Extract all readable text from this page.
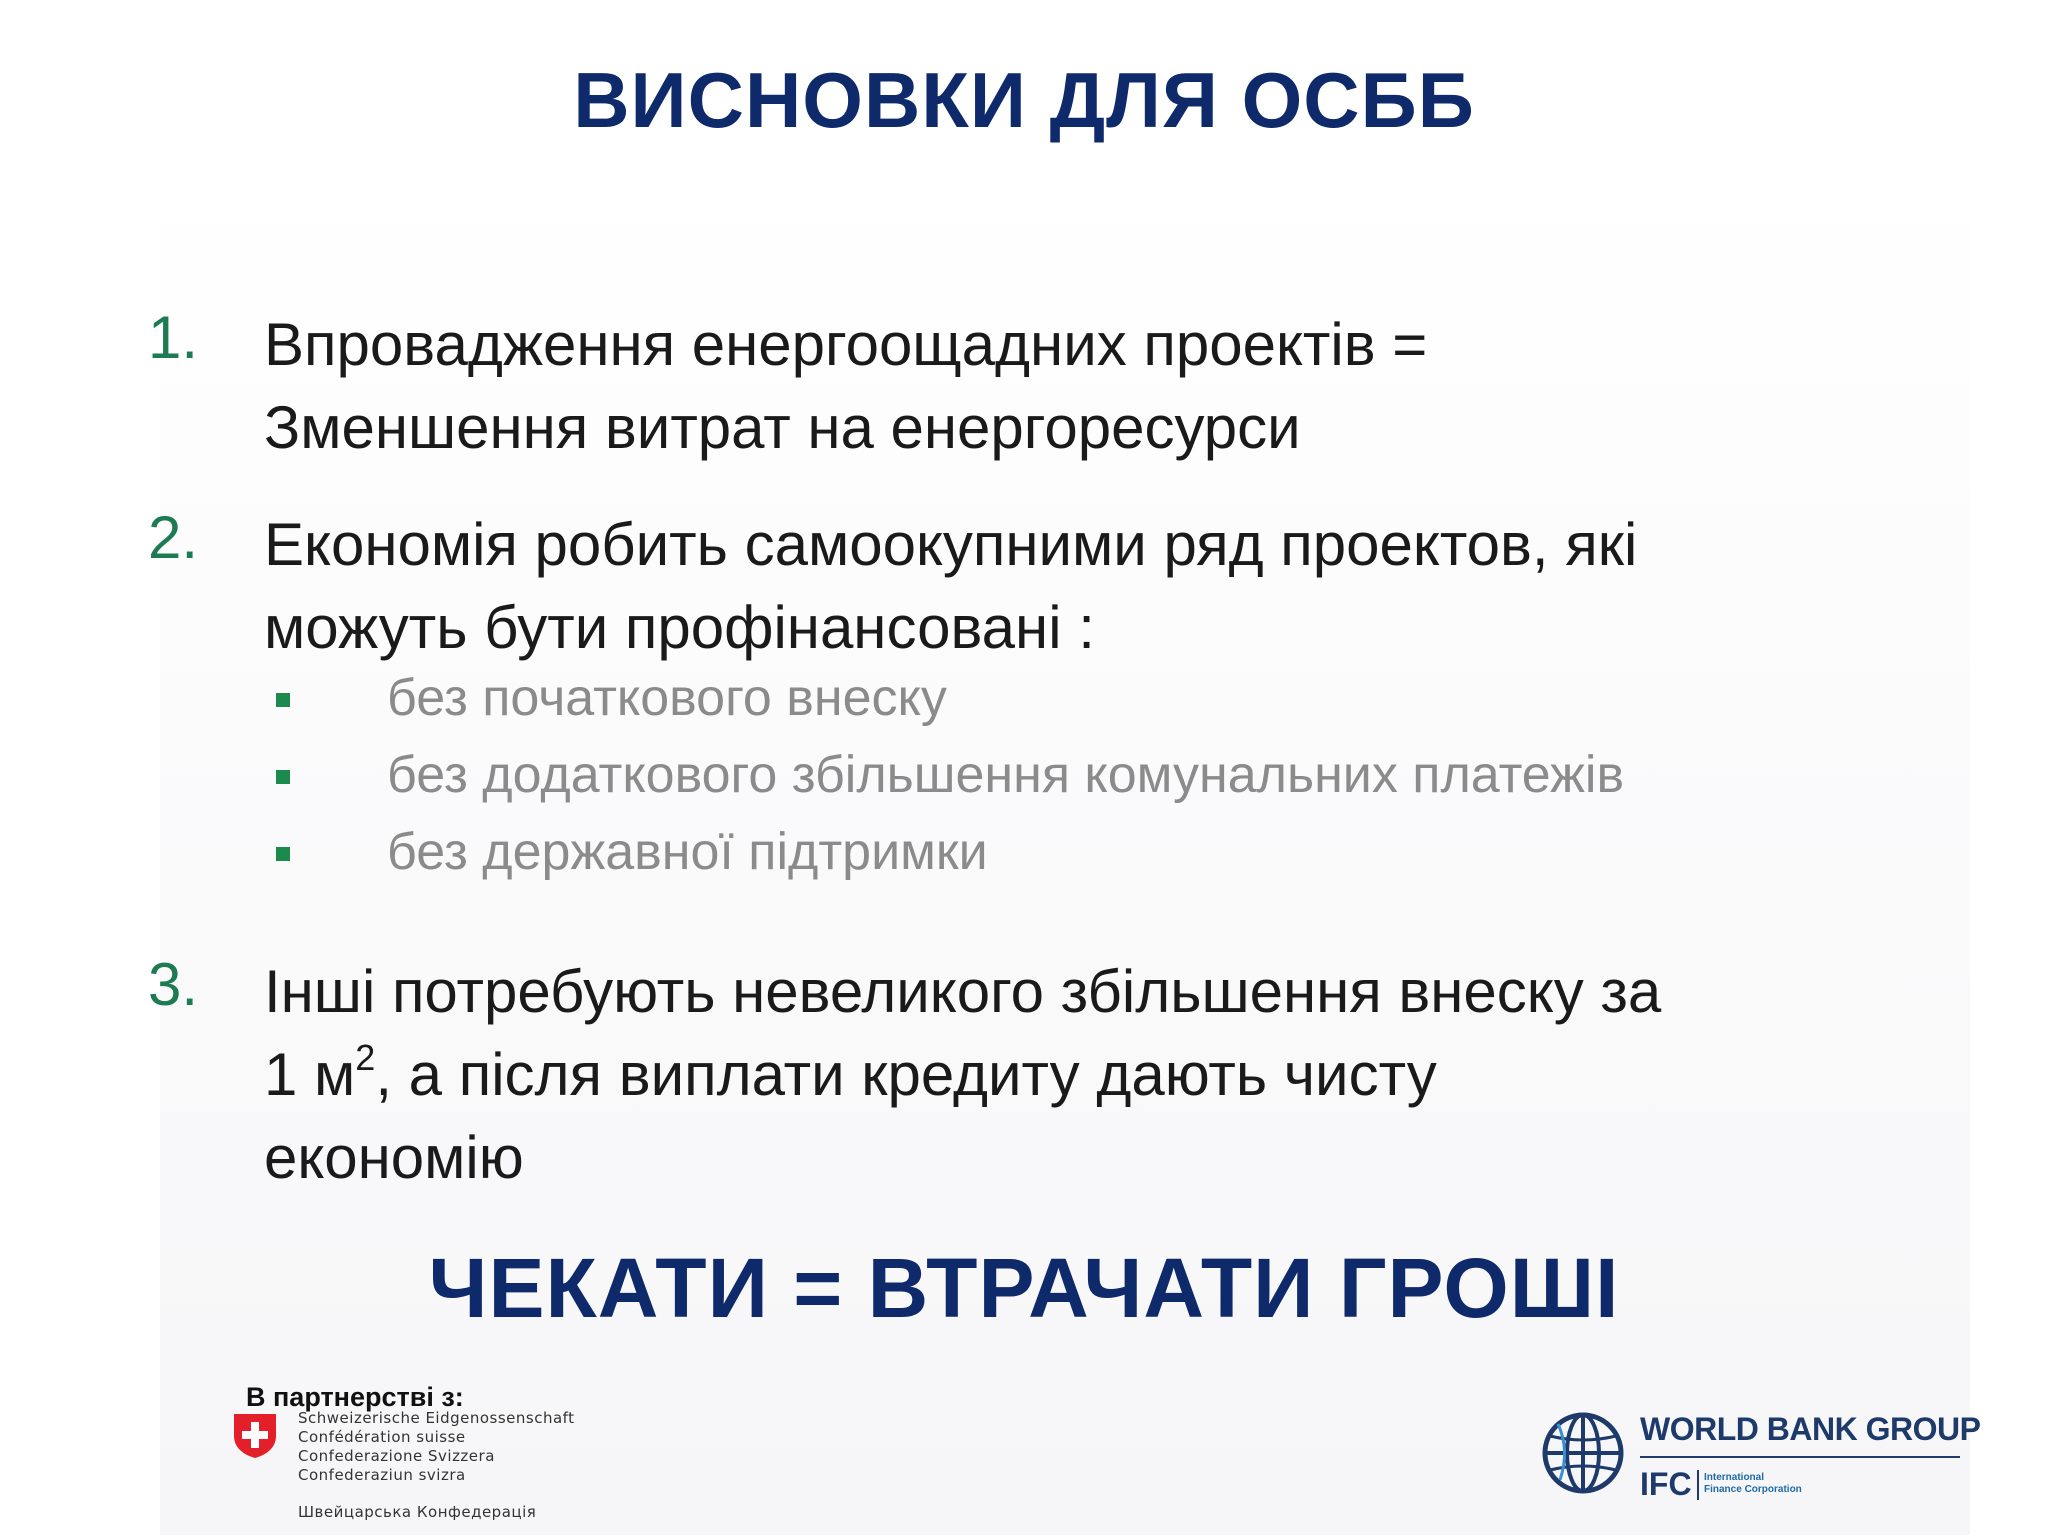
ВИСНОВКИ ДЛЯ ОСББ
1. Впровадження енергоощадних проектів =
Зменшення витрат на енергоресурси
2. Економія робить самоокупними ряд проектов, які
можуть бути профінансовані :
без початкового внеску
без додаткового збільшення комунальних платежів
без державної підтримки
3. Інші потребують невеликого збільшення внеску за
1 $м^2$, а після виплати кредиту дають чисту
економію
ЧЕКАТИ = ВТРАЧАТИ ГРОШІ
В партнерстві з:
Schweizerische Eidgenossenschaft
Confédération suisse
Confederazione Svizzera
Confederaziun svizra
Швейцарська Конфедерація
WORLD BANK GROUP
IFC International
Finance Corporation
